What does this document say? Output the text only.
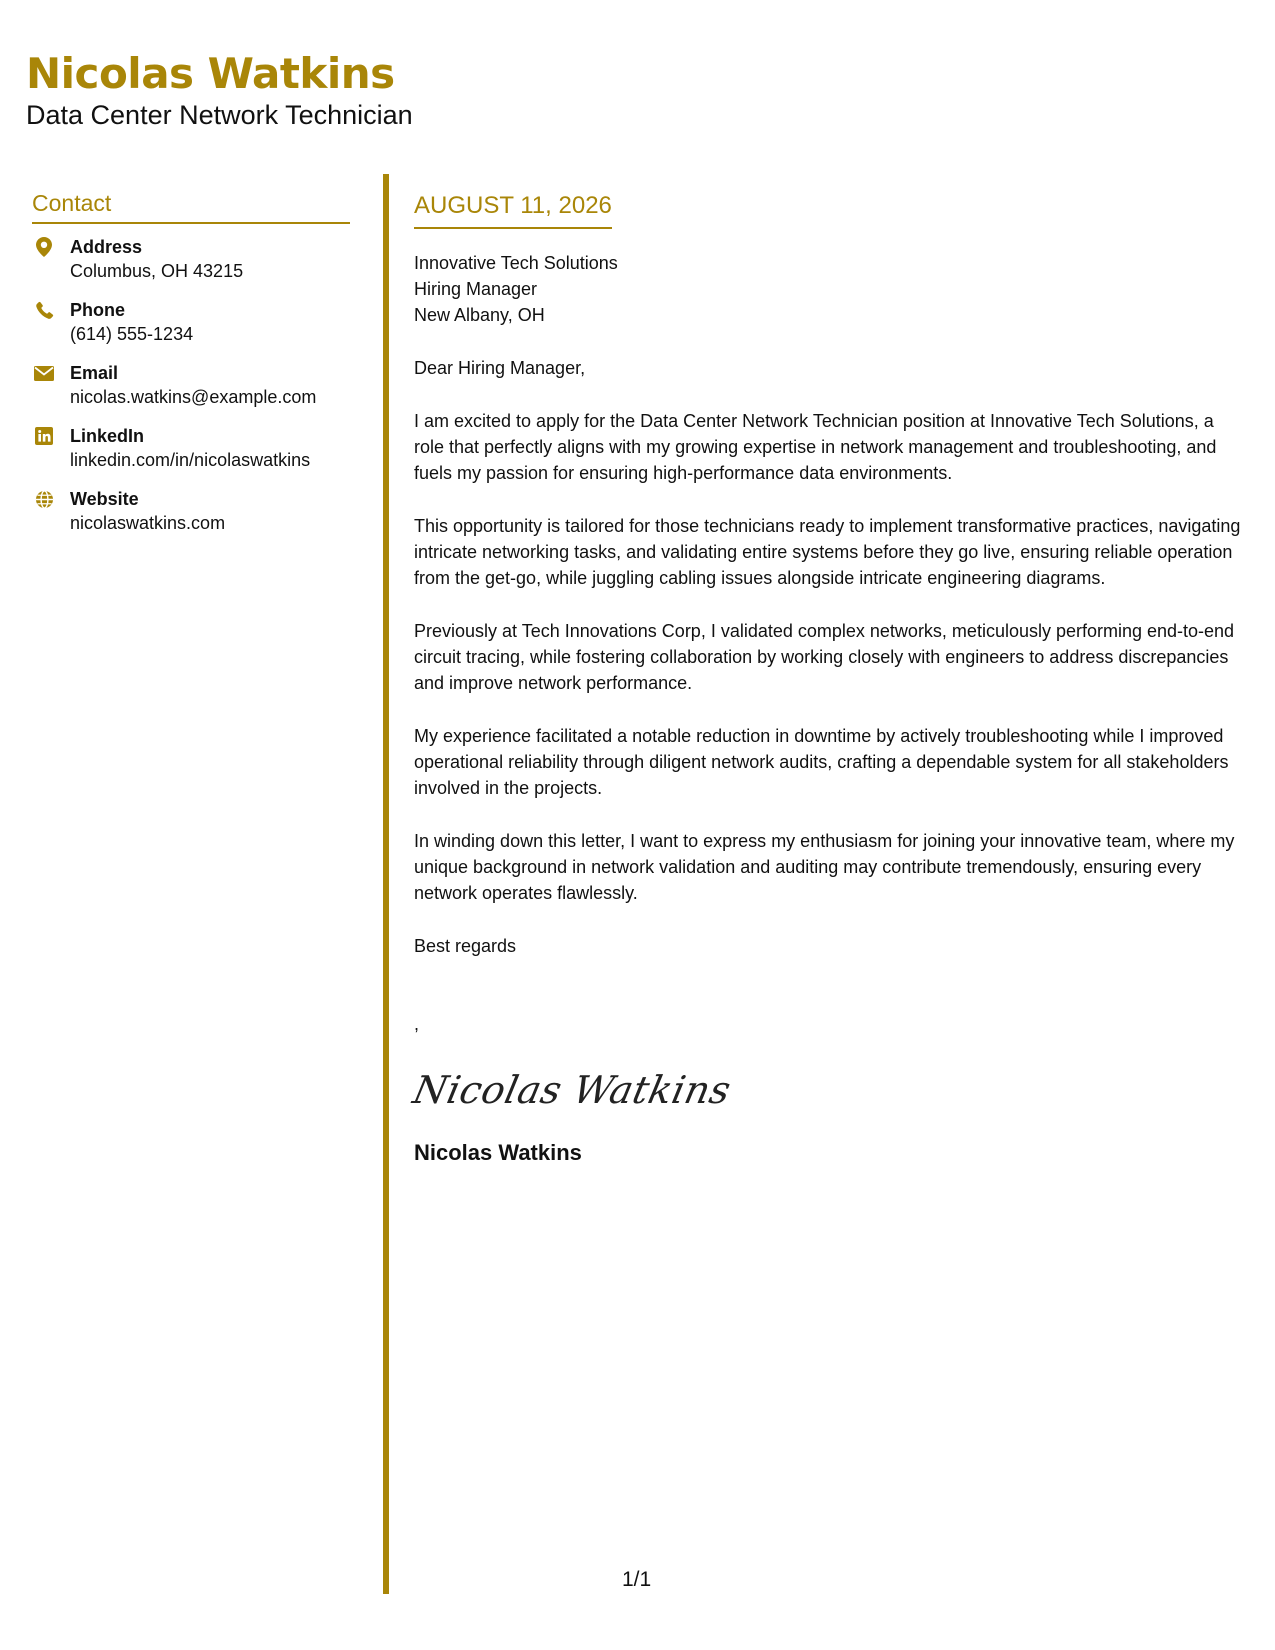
Nicolas Watkins
Data Center Network Technician
Contact
Address
Columbus, OH 43215
Phone
(614) 555-1234
Email
nicolas.watkins@example.com
LinkedIn
linkedin.com/in/nicolaswatkins
Website
nicolaswatkins.com
AUGUST 11, 2026
Innovative Tech Solutions
Hiring Manager
New Albany, OH

Dear Hiring Manager,

I am excited to apply for the Data Center Network Technician position at Innovative Tech Solutions, a role that perfectly aligns with my growing expertise in network management and troubleshooting, and fuels my passion for ensuring high-performance data environments.

This opportunity is tailored for those technicians ready to implement transformative practices, navigating intricate networking tasks, and validating entire systems before they go live, ensuring reliable operation from the get-go, while juggling cabling issues alongside intricate engineering diagrams.

Previously at Tech Innovations Corp, I validated complex networks, meticulously performing end-to-end circuit tracing, while fostering collaboration by working closely with engineers to address discrepancies and improve network performance.

My experience facilitated a notable reduction in downtime by actively troubleshooting while I improved operational reliability through diligent network audits, crafting a dependable system for all stakeholders involved in the projects.

In winding down this letter, I want to express my enthusiasm for joining your innovative team, where my unique background in network validation and auditing may contribute tremendously, ensuring every network operates flawlessly.

Best regards

,
Nicolas Watkins
Nicolas Watkins
1/1
